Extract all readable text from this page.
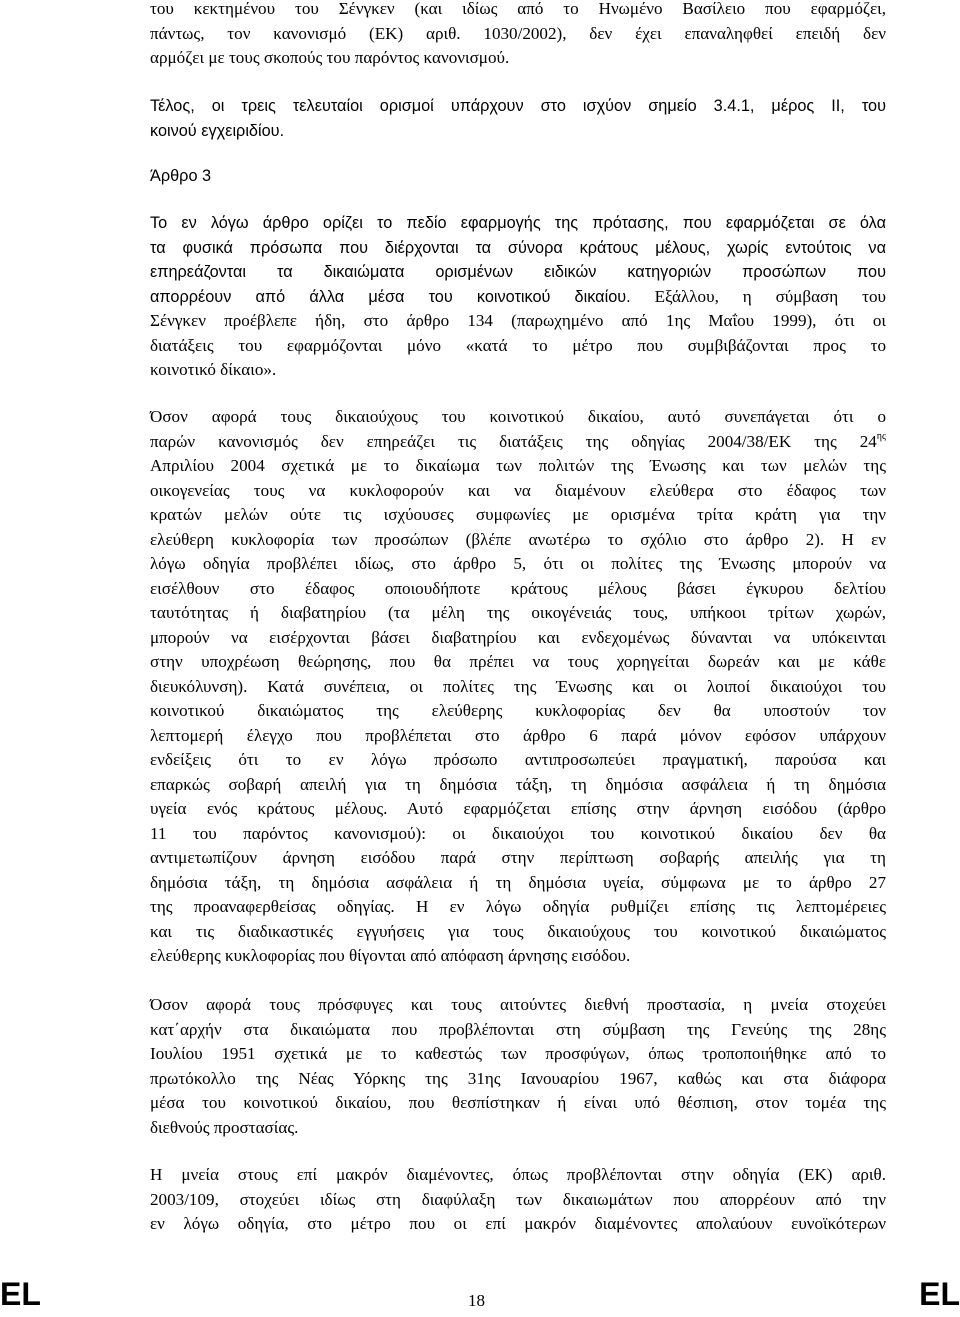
του κεκτημένου του Σένγκεν (και ιδίως από το Ηνωμένο Βασίλειο που εφαρμόζει,
πάντως, τον κανονισμό (ΕΚ) αριθ. 1030/2002), δεν έχει επαναληφθεί επειδή δεν
αρμόζει με τους σκοπούς του παρόντος κανονισμού.
Τέλος, οι τρεις τελευταίοι ορισμοί υπάρχουν στο ισχύον σημείο 3.4.1, μέρος ΙΙ, του
κοινού εγχειριδίου.
Άρθρο 3
Το εν λόγω άρθρο ορίζει το πεδίο εφαρμογής της πρότασης, που εφαρμόζεται σε όλα
τα φυσικά πρόσωπα που διέρχονται τα σύνορα κράτους μέλους, χωρίς εντούτοις να
επηρεάζονται τα δικαιώματα ορισμένων ειδικών κατηγοριών προσώπων που
απορρέουν από άλλα μέσα του κοινοτικού δικαίου. Εξάλλου, η σύμβαση του
Σένγκεν προέβλεπε ήδη, στο άρθρο 134 (παρωχημένο από 1ης Μαΐου 1999), ότι οι
διατάξεις του εφαρμόζονται μόνο «κατά το μέτρο που συμβιβάζονται προς το
κοινοτικό δίκαιο».
Όσον αφορά τους δικαιούχους του κοινοτικού δικαίου, αυτό συνεπάγεται ότι ο
παρών κανονισμός δεν επηρεάζει τις διατάξεις της οδηγίας 2004/38/ΕΚ της $24^{\eta\varsigma}$
Απριλίου 2004 σχετικά με το δικαίωμα των πολιτών της Ένωσης και των μελών της
οικογενείας τους να κυκλοφορούν και να διαμένουν ελεύθερα στο έδαφος των
κρατών μελών ούτε τις ισχύουσες συμφωνίες με ορισμένα τρίτα κράτη για την
ελεύθερη κυκλοφορία των προσώπων (βλέπε ανωτέρω το σχόλιο στο άρθρο 2). Η εν
λόγω οδηγία προβλέπει ιδίως, στο άρθρο 5, ότι οι πολίτες της Ένωσης μπορούν να
εισέλθουν στο έδαφος οποιουδήποτε κράτους μέλους βάσει έγκυρου δελτίου
ταυτότητας ή διαβατηρίου (τα μέλη της οικογένειάς τους, υπήκοοι τρίτων χωρών,
μπορούν να εισέρχονται βάσει διαβατηρίου και ενδεχομένως δύνανται να υπόκεινται
στην υποχρέωση θεώρησης, που θα πρέπει να τους χορηγείται δωρεάν και με κάθε
διευκόλυνση). Κατά συνέπεια, οι πολίτες της Ένωσης και οι λοιποί δικαιούχοι του
κοινοτικού δικαιώματος της ελεύθερης κυκλοφορίας δεν θα υποστούν τον
λεπτομερή έλεγχο που προβλέπεται στο άρθρο 6 παρά μόνον εφόσον υπάρχουν
ενδείξεις ότι το εν λόγω πρόσωπο αντιπροσωπεύει πραγματική, παρούσα και
επαρκώς σοβαρή απειλή για τη δημόσια τάξη, τη δημόσια ασφάλεια ή τη δημόσια
υγεία ενός κράτους μέλους. Αυτό εφαρμόζεται επίσης στην άρνηση εισόδου (άρθρο
11 του παρόντος κανονισμού): οι δικαιούχοι του κοινοτικού δικαίου δεν θα
αντιμετωπίζουν άρνηση εισόδου παρά στην περίπτωση σοβαρής απειλής για τη
δημόσια τάξη, τη δημόσια ασφάλεια ή τη δημόσια υγεία, σύμφωνα με το άρθρο 27
της προαναφερθείσας οδηγίας. Η εν λόγω οδηγία ρυθμίζει επίσης τις λεπτομέρειες
και τις διαδικαστικές εγγυήσεις για τους δικαιούχους του κοινοτικού δικαιώματος
ελεύθερης κυκλοφορίας που θίγονται από απόφαση άρνησης εισόδου.
Όσον αφορά τους πρόσφυγες και τους αιτούντες διεθνή προστασία, η μνεία στοχεύει
κατ΄αρχήν στα δικαιώματα που προβλέπονται στη σύμβαση της Γενεύης της 28ης
Ιουλίου 1951 σχετικά με το καθεστώς των προσφύγων, όπως τροποποιήθηκε από το
πρωτόκολλο της Νέας Υόρκης της 31ης Ιανουαρίου 1967, καθώς και στα διάφορα
μέσα του κοινοτικού δικαίου, που θεσπίστηκαν ή είναι υπό θέσπιση, στον τομέα της
διεθνούς προστασίας.
Η μνεία στους επί μακρόν διαμένοντες, όπως προβλέπονται στην οδηγία (ΕΚ) αριθ.
2003/109, στοχεύει ιδίως στη διαφύλαξη των δικαιωμάτων που απορρέουν από την
εν λόγω οδηγία, στο μέτρο που οι επί μακρόν διαμένοντες απολαύουν ευνοϊκότερων
EL	18	EL
